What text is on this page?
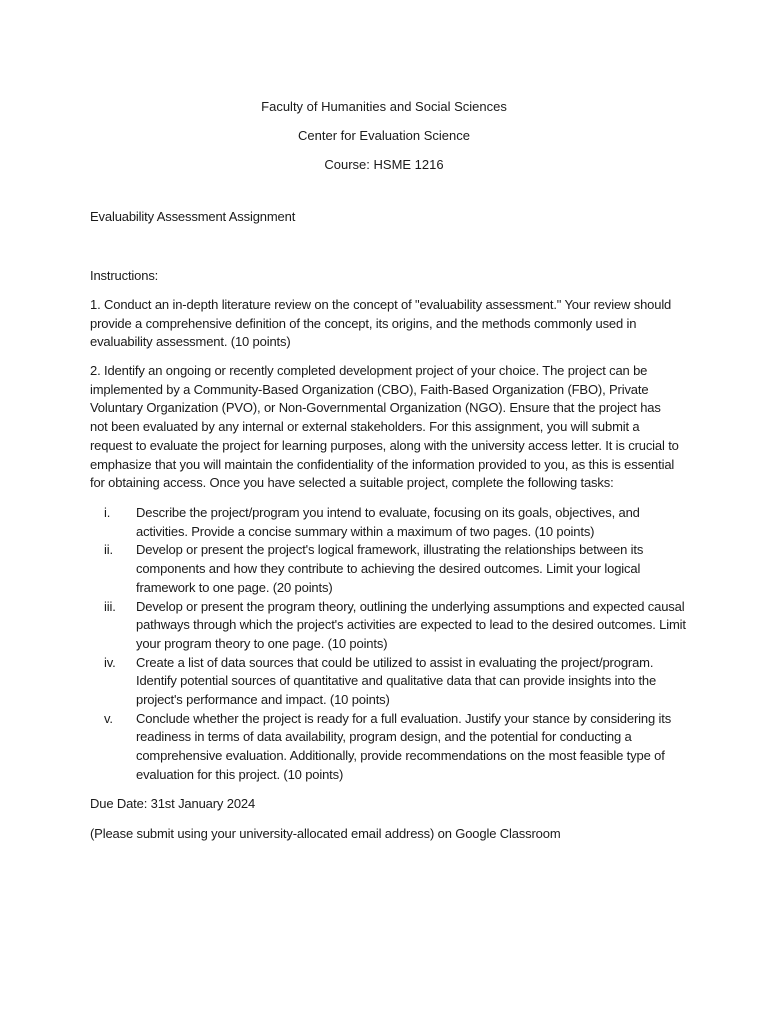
Faculty of Humanities and Social Sciences
Center for Evaluation Science
Course: HSME 1216
Evaluability Assessment Assignment
Instructions:
1. Conduct an in-depth literature review on the concept of "evaluability assessment." Your review should provide a comprehensive definition of the concept, its origins, and the methods commonly used in evaluability assessment. (10 points)
2. Identify an ongoing or recently completed development project of your choice. The project can be implemented by a Community-Based Organization (CBO), Faith-Based Organization (FBO), Private Voluntary Organization (PVO), or Non-Governmental Organization (NGO). Ensure that the project has not been evaluated by any internal or external stakeholders. For this assignment, you will submit a request to evaluate the project for learning purposes, along with the university access letter. It is crucial to emphasize that you will maintain the confidentiality of the information provided to you, as this is essential for obtaining access. Once you have selected a suitable project, complete the following tasks:
i.	Describe the project/program you intend to evaluate, focusing on its goals, objectives, and activities. Provide a concise summary within a maximum of two pages. (10 points)
ii.	Develop or present the project's logical framework, illustrating the relationships between its components and how they contribute to achieving the desired outcomes. Limit your logical framework to one page. (20 points)
iii.	Develop or present the program theory, outlining the underlying assumptions and expected causal pathways through which the project's activities are expected to lead to the desired outcomes. Limit your program theory to one page. (10 points)
iv.	Create a list of data sources that could be utilized to assist in evaluating the project/program. Identify potential sources of quantitative and qualitative data that can provide insights into the project's performance and impact. (10 points)
v.	Conclude whether the project is ready for a full evaluation. Justify your stance by considering its readiness in terms of data availability, program design, and the potential for conducting a comprehensive evaluation. Additionally, provide recommendations on the most feasible type of evaluation for this project. (10 points)
Due Date: 31st January 2024
(Please submit using your university-allocated email address) on Google Classroom
